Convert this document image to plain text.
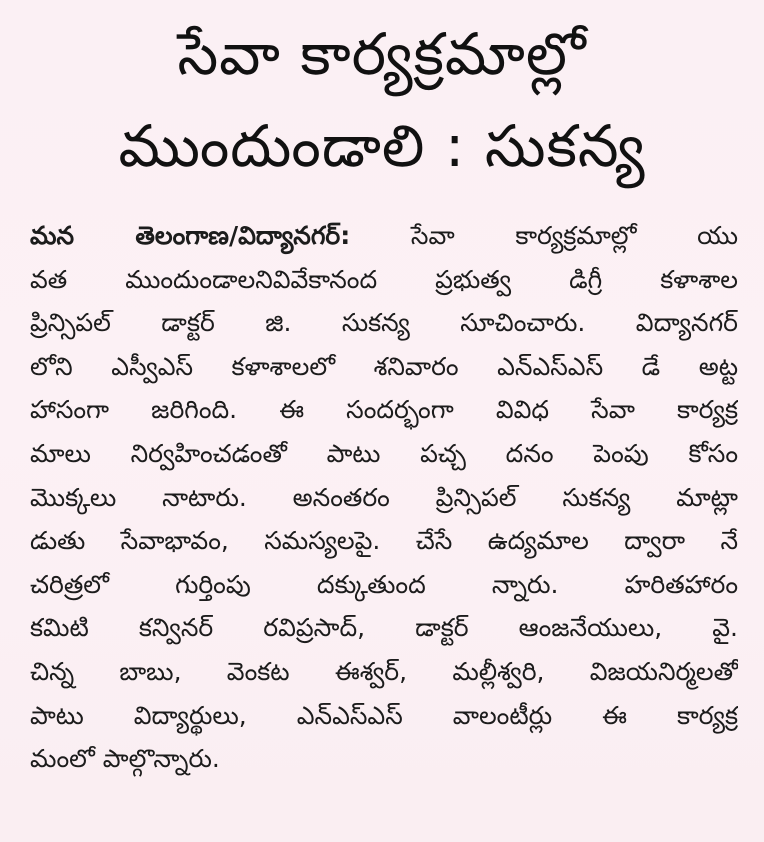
సేవా కార్యక్రమాల్లో
ముందుండాలి : సుకన్య
మన తెలంగాణ/విద్యానగర్: సేవా కార్యక్రమాల్లో యు
వత ముందుండాలనివివేకానంద ప్రభుత్వ డిగ్రీ కళాశాల
ప్రిన్సిపల్ డాక్టర్ జి. సుకన్య సూచించారు. విద్యానగర్
లోని ఎస్వీఎస్ కళాశాలలో శనివారం ఎన్ఎస్ఎస్ డే అట్ట
హాసంగా జరిగింది. ఈ సందర్భంగా వివిధ సేవా కార్యక్ర
మాలు నిర్వహించడంతో పాటు పచ్చ దనం పెంపు కోసం
మొక్కలు నాటారు. అనంతరం ప్రిన్సిపల్ సుకన్య మాట్లా
డుతు సేవాభావం, సమస్యలపై. చేసే ఉద్యమాల ద్వారా నే
చరిత్రలో గుర్తింపు దక్కుతుంద న్నారు. హరితహారం
కమిటి కన్వినర్ రవిప్రసాద్, డాక్టర్ ఆంజనేయులు, వై.
చిన్న బాబు, వెంకట ఈశ్వర్, మల్లీశ్వరి, విజయనిర్మలతో
పాటు విద్యార్థులు, ఎన్ఎస్ఎస్ వాలంటీర్లు ఈ కార్యక్ర
మంలో పాల్గొన్నారు.
